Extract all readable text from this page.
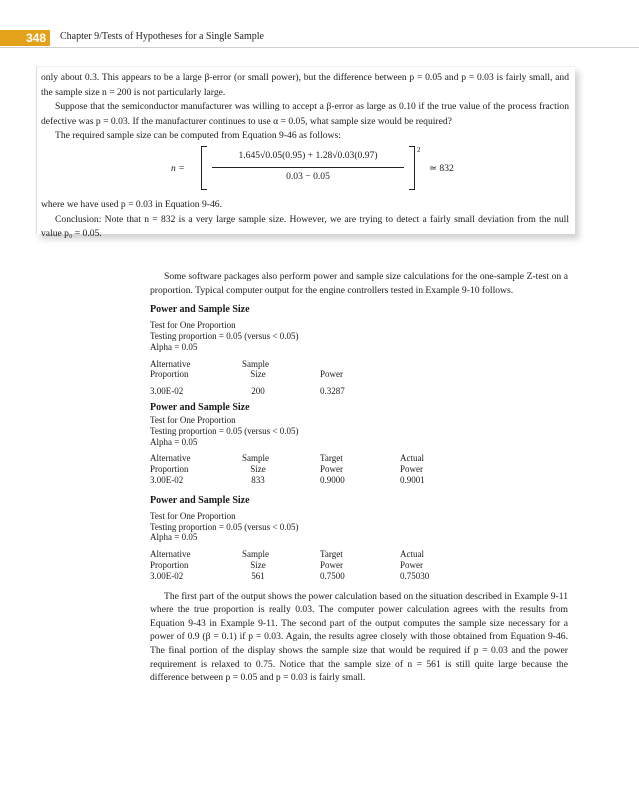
348	Chapter 9/Tests of Hypotheses for a Single Sample

only about 0.3. This appears to be a large β-error (or small power), but the difference between p = 0.05 and p = 0.03 is fairly small, and the sample size n = 200 is not particularly large.

Suppose that the semiconductor manufacturer was willing to accept a β-error as large as 0.10 if the true value of the process fraction defective was p = 0.03. If the manufacturer continues to use α = 0.05, what sample size would be required?

The required sample size can be computed from Equation 9-46 as follows:

n =
1.645√0.05(0.95) + 1.28√0.03(0.97)
0.03 − 0.05
2
≃ 832

where we have used p = 0.03 in Equation 9-46.

Conclusion: Note that n = 832 is a very large sample size. However, we are trying to detect a fairly small deviation from the null value p₀ = 0.05.

Some software packages also perform power and sample size calculations for the one-sample Z-test on a proportion. Typical computer output for the engine controllers tested in Example 9-10 follows.

Power and Sample Size

Test for One Proportion
Testing proportion = 0.05 (versus < 0.05)
Alpha = 0.05
Alternative	Sample
Proportion	Size	Power
3.00E-02	200	0.3287

Power and Sample Size

Test for One Proportion
Testing proportion = 0.05 (versus < 0.05)
Alpha = 0.05
Alternative	Sample	Target	Actual
Proportion	Size	Power	Power
3.00E-02	833	0.9000	0.9001

Power and Sample Size

Test for One Proportion
Testing proportion = 0.05 (versus < 0.05)
Alpha = 0.05
Alternative	Sample	Target	Actual
Proportion	Size	Power	Power
3.00E-02	561	0.7500	0.75030

The first part of the output shows the power calculation based on the situation described in Example 9-11 where the true proportion is really 0.03. The computer power calculation agrees with the results from Equation 9-43 in Example 9-11. The second part of the output computes the sample size necessary for a power of 0.9 (β = 0.1) if p = 0.03. Again, the results agree closely with those obtained from Equation 9-46. The final portion of the display shows the sample size that would be required if p = 0.03 and the power requirement is relaxed to 0.75. Notice that the sample size of n = 561 is still quite large because the difference between p = 0.05 and p = 0.03 is fairly small.
